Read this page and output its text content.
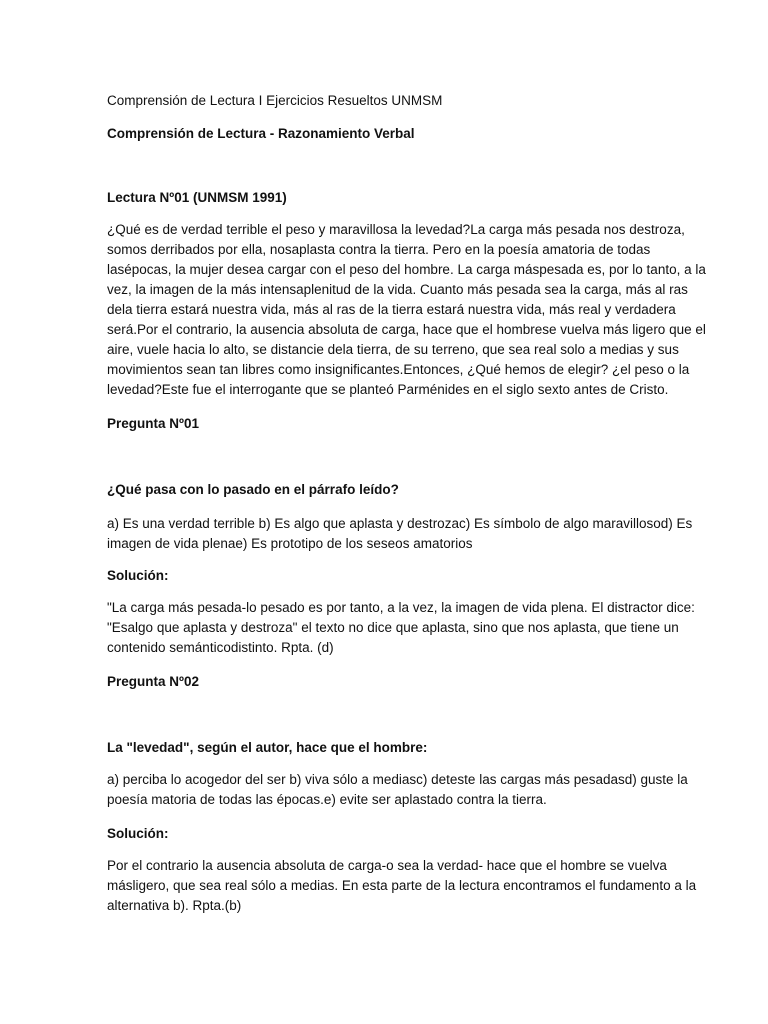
Comprensión de Lectura I Ejercicios Resueltos UNMSM
Comprensión de Lectura - Razonamiento Verbal
Lectura Nº01 (UNMSM 1991)
¿Qué es de verdad terrible el peso y maravillosa la levedad?La carga más pesada nos destroza,
somos derribados por ella, nosaplasta contra la tierra. Pero en la poesía amatoria de todas
lasépocas, la mujer desea cargar con el peso del hombre. La carga máspesada es, por lo tanto, a la
vez, la imagen de la más intensaplenitud de la vida. Cuanto más pesada sea la carga, más al ras
dela tierra estará nuestra vida, más al ras de la tierra estará nuestra vida, más real y verdadera
será.Por el contrario, la ausencia absoluta de carga, hace que el hombrese vuelva más ligero que el
aire, vuele hacia lo alto, se distancie dela tierra, de su terreno, que sea real solo a medias y sus
movimientos sean tan libres como insignificantes.Entonces, ¿Qué hemos de elegir? ¿el peso o la
levedad?Este fue el interrogante que se planteó Parménides en el siglo sexto antes de Cristo.
Pregunta Nº01
¿Qué pasa con lo pasado en el párrafo leído?
a) Es una verdad terrible b) Es algo que aplasta y destrozac) Es símbolo de algo maravillosod) Es
imagen de vida plenae) Es prototipo de los seseos amatorios
Solución:
"La carga más pesada-lo pesado es por tanto, a la vez, la imagen de vida plena. El distractor dice:
"Esalgo que aplasta y destroza" el texto no dice que aplasta, sino que nos aplasta, que tiene un
contenido semánticodistinto. Rpta. (d)
Pregunta Nº02
La "levedad", según el autor, hace que el hombre:
a) perciba lo acogedor del ser b) viva sólo a mediasc) deteste las cargas más pesadasd) guste la
poesía matoria de todas las épocas.e) evite ser aplastado contra la tierra.
Solución:
Por el contrario la ausencia absoluta de carga-o sea la verdad- hace que el hombre se vuelva
másligero, que sea real sólo a medias. En esta parte de la lectura encontramos el fundamento a la
alternativa b). Rpta.(b)
